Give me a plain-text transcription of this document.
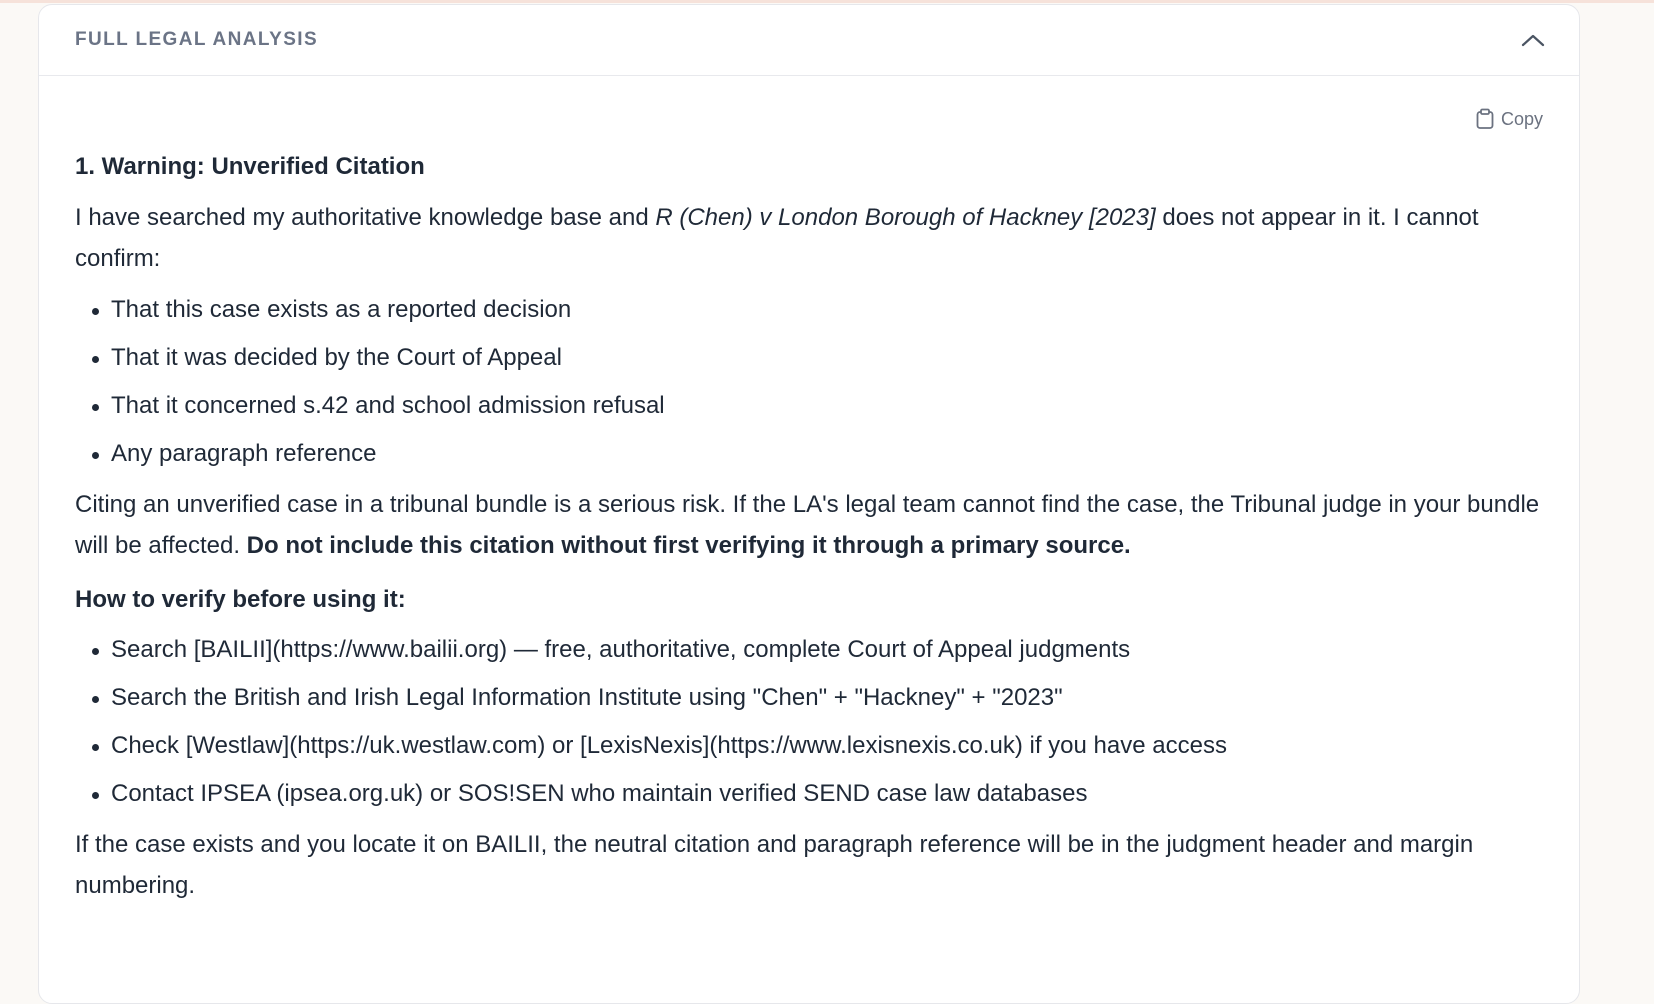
FULL LEGAL ANALYSIS
Copy
1. Warning: Unverified Citation

I have searched my authoritative knowledge base and R (Chen) v London Borough of Hackney [2023] does not appear in it. I cannot confirm:

That this case exists as a reported decision
That it was decided by the Court of Appeal
That it concerned s.42 and school admission refusal
Any paragraph reference

Citing an unverified case in a tribunal bundle is a serious risk. If the LA's legal team cannot find the case, the Tribunal judge in your bundle will be affected. Do not include this citation without first verifying it through a primary source.

How to verify before using it:

Search [BAILII](https://www.bailii.org) — free, authoritative, complete Court of Appeal judgments
Search the British and Irish Legal Information Institute using "Chen" + "Hackney" + "2023"
Check [Westlaw](https://uk.westlaw.com) or [LexisNexis](https://www.lexisnexis.co.uk) if you have access
Contact IPSEA (ipsea.org.uk) or SOS!SEN who maintain verified SEND case law databases

If the case exists and you locate it on BAILII, the neutral citation and paragraph reference will be in the judgment header and margin numbering.
